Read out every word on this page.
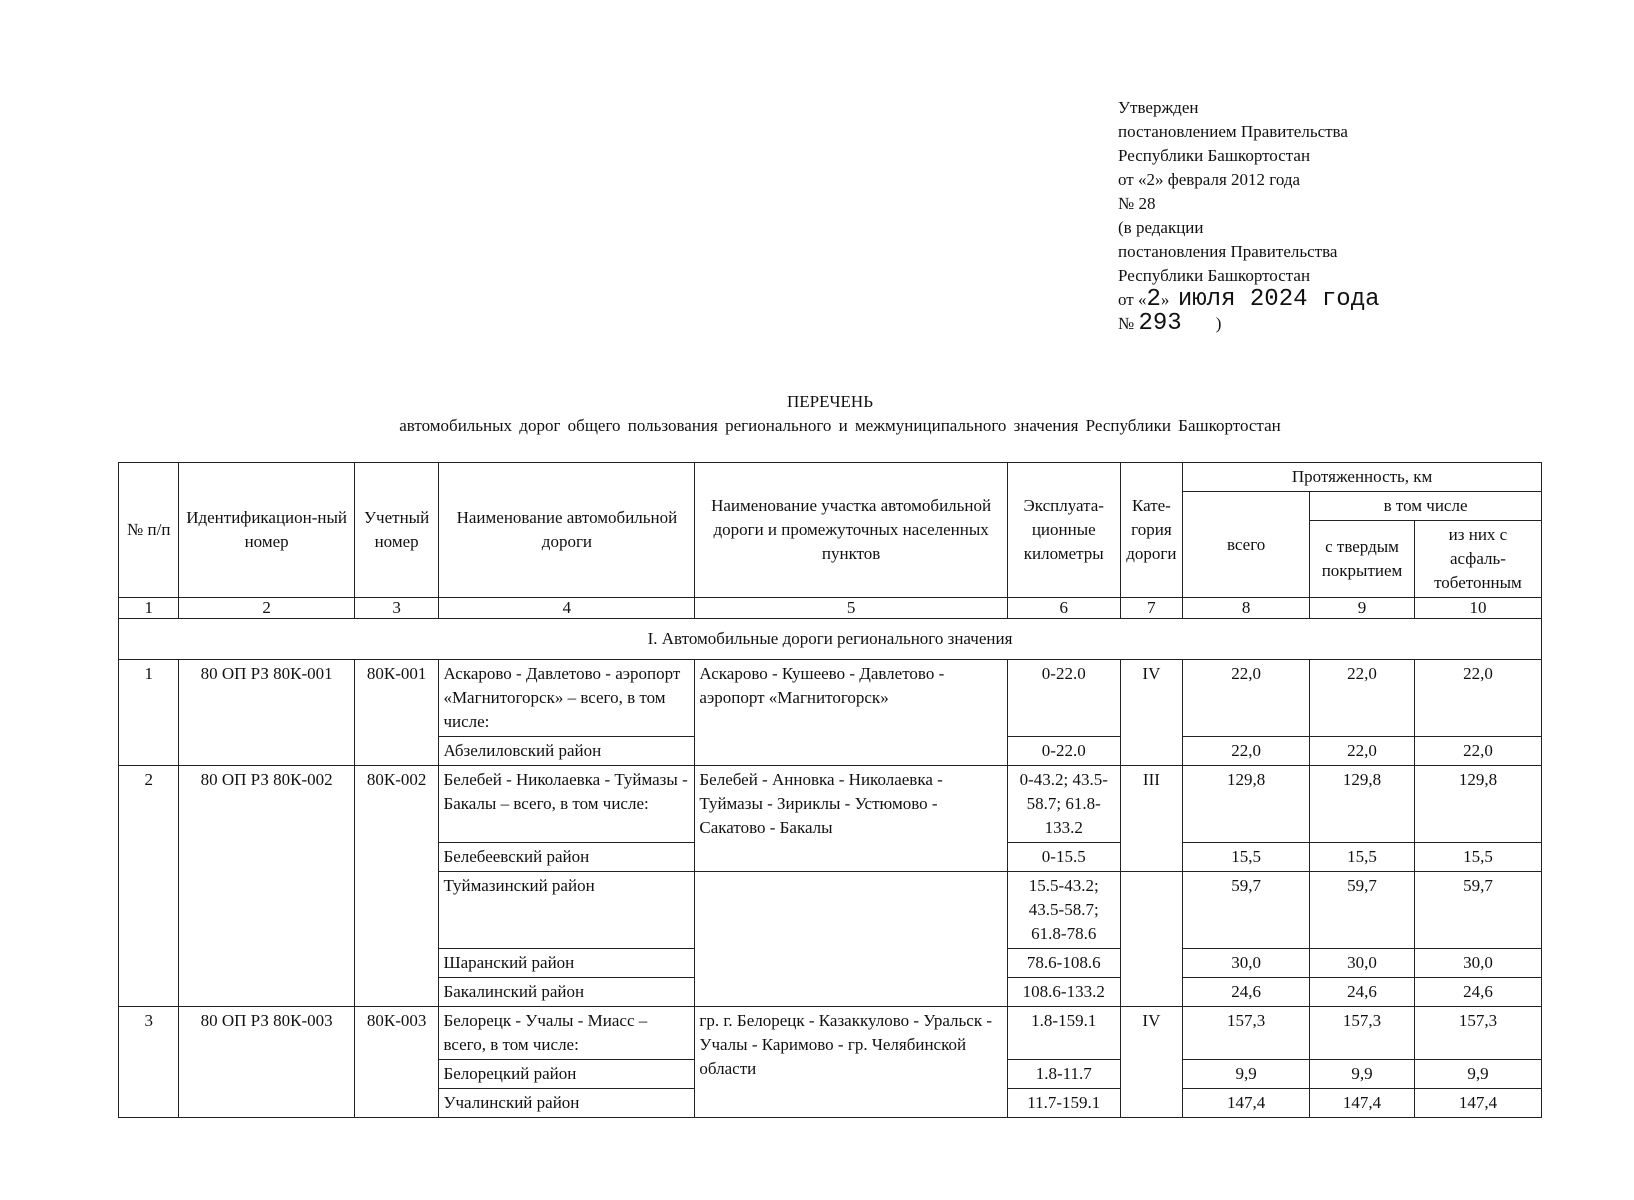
Утвержден
постановлением Правительства
Республики Башкортостан
от «2» февраля 2012 года
№ 28
(в редакции
постановления Правительства
Республики Башкортостан
от «2» июля 2024 года
№ 293 )
ПЕРЕЧЕНЬ
автомобильных дорог общего пользования регионального и межмуниципального значения Республики Башкортостан
№ п/п	Идентификацион-ный номер	Учетный номер	Наименование автомобильной дороги	Наименование участка автомобильной дороги и промежуточных населенных пунктов	Эксплуата-ционные километры	Кате-гория дороги	Протяженность, км		
							всего	в том числе	
								с твердым покрытием	из них с асфаль-тобетонным
1	2	3	4	5	6	7	8	9	10
I. Автомобильные дороги регионального значения									
1	80 ОП РЗ 80К-001	80К-001	Аскарово - Давлетово - аэропорт «Магнитогорск» – всего, в том числе:	Аскарово - Кушеево - Давлетово - аэропорт «Магнитогорск»	0-22.0	IV	22,0	22,0	22,0
			Абзелиловский район		0-22.0		22,0	22,0	22,0
2	80 ОП РЗ 80К-002	80К-002	Белебей - Николаевка - Туймазы - Бакалы – всего, в том числе:	Белебей - Анновка - Николаевка - Туймазы - Зириклы - Устюмово - Сакатово - Бакалы	0-43.2; 43.5-58.7; 61.8-133.2	III	129,8	129,8	129,8
			Белебеевский район		0-15.5		15,5	15,5	15,5
			Туймазинский район		15.5-43.2; 43.5-58.7; 61.8-78.6		59,7	59,7	59,7
			Шаранский район		78.6-108.6		30,0	30,0	30,0
			Бакалинский район		108.6-133.2		24,6	24,6	24,6
3	80 ОП РЗ 80К-003	80К-003	Белорецк - Учалы - Миасс – всего, в том числе:	гр. г. Белорецк - Казаккулово - Уральск - Учалы - Каримово - гр. Челябинской области	1.8-159.1	IV	157,3	157,3	157,3
			Белорецкий район		1.8-11.7		9,9	9,9	9,9
			Учалинский район		11.7-159.1		147,4	147,4	147,4
